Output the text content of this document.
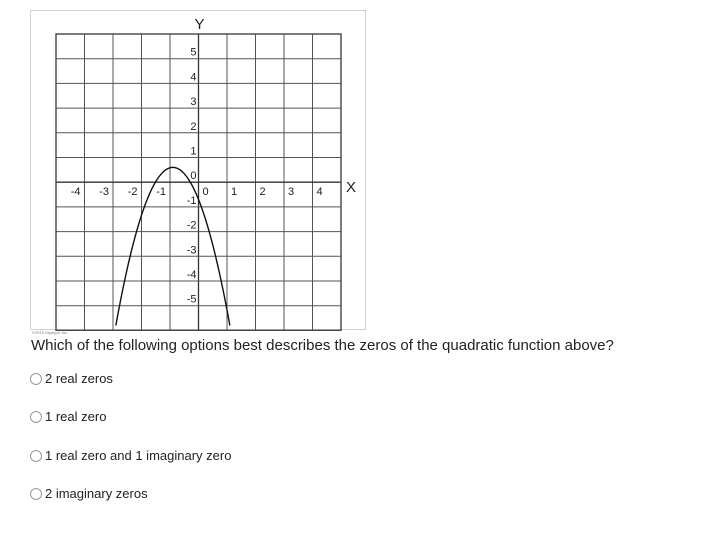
Y
X
-4 -3 -2 -1	0 1 2 3 4
5
4
3
2
1
0
-1
-2
-3
-4
-5
©2015 Glynlyon Inc.
Which of the following options best describes the zeros of the quadratic function above?
2 real zeros
1 real zero
1 real zero and 1 imaginary zero
2 imaginary zeros
